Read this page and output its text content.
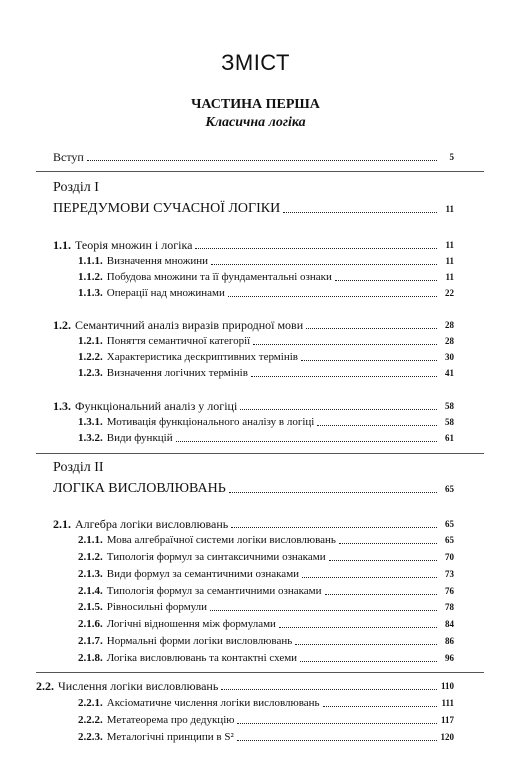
ЗМІСТ
ЧАСТИНА ПЕРША
Класична логіка
Вступ	5
Розділ I
ПЕРЕДУМОВИ СУЧАСНОЇ ЛОГІКИ	11
1.1. Теорія множин і логіка	11
1.1.1. Визначення множини	11
1.1.2. Побудова множини та її фундаментальні ознаки	11
1.1.3. Операції над множинами	22
1.2. Семантичний аналіз виразів природної мови	28
1.2.1. Поняття семантичної категорії	28
1.2.2. Характеристика дескриптивних термінів	30
1.2.3. Визначення логічних термінів	41
1.3. Функціональний аналіз у логіці	58
1.3.1. Мотивація функціонального аналізу в логіці	58
1.3.2. Види функцій	61
Розділ II
ЛОГІКА ВИСЛОВЛЮВАНЬ	65
2.1. Алгебра логіки висловлювань	65
2.1.1. Мова алгебраїчної системи логіки висловлювань	65
2.1.2. Типологія формул за синтаксичними ознаками	70
2.1.3. Види формул за семантичними ознаками	73
2.1.4. Типологія формул за семантичними ознаками	76
2.1.5. Рівносильні формули	78
2.1.6. Логічні відношення між формулами	84
2.1.7. Нормальні форми логіки висловлювань	86
2.1.8. Логіка висловлювань та контактні схеми	96
2.2. Числення логіки висловлювань	110
2.2.1. Аксіоматичне числення логіки висловлювань	111
2.2.2. Метатеорема про дедукцію	117
2.2.3. Металогічні принципи в S²	120
